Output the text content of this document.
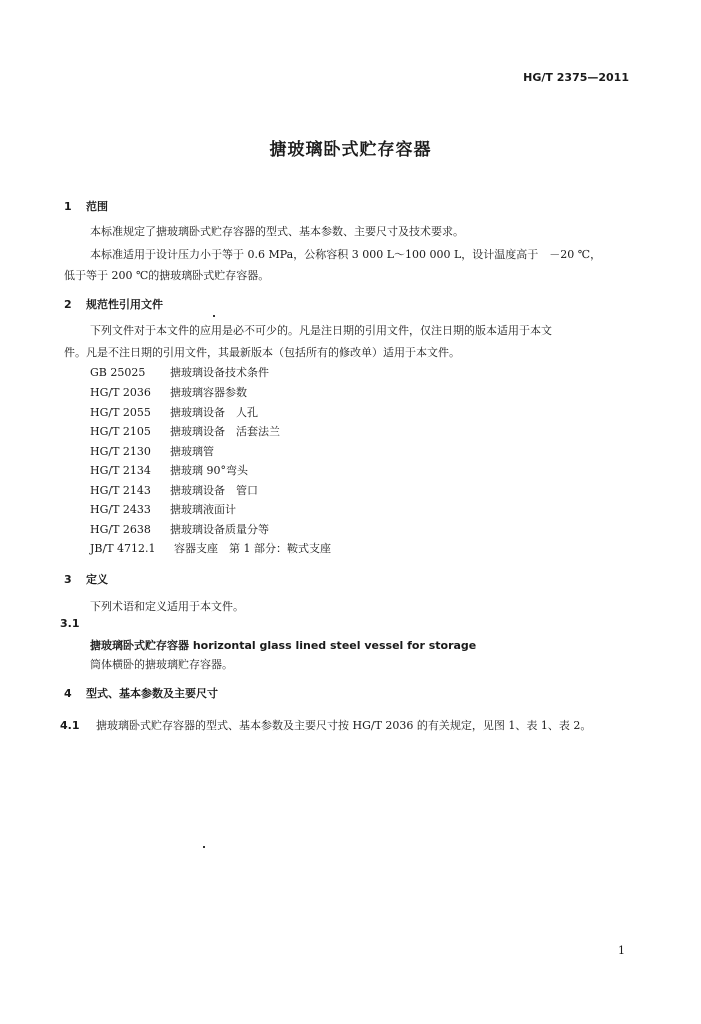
HG/T 2375—2011
搪玻璃卧式贮存容器
1 范围
本标准规定了搪玻璃卧式贮存容器的型式、基本参数、主要尺寸及技术要求。
本标准适用于设计压力小于等于 0.6 MPa，公称容积 3 000 L～100 000 L，设计温度高于　－20 ℃，
低于等于 200 ℃的搪玻璃卧式贮存容器。
2 规范性引用文件
下列文件对于本文件的应用是必不可少的。凡是注日期的引用文件，仅注日期的版本适用于本文
件。凡是不注日期的引用文件，其最新版本（包括所有的修改单）适用于本文件。
GB 25025 搪玻璃设备技术条件
HG/T 2036 搪玻璃容器参数
HG/T 2055 搪玻璃设备　人孔
HG/T 2105 搪玻璃设备　活套法兰
HG/T 2130 搪玻璃管
HG/T 2134 搪玻璃 90°弯头
HG/T 2143 搪玻璃设备　管口
HG/T 2433 搪玻璃液面计
HG/T 2638 搪玻璃设备质量分等
JB/T 4712.1 容器支座　第 1 部分：鞍式支座
3 定义
下列术语和定义适用于本文件。
3.1
搪玻璃卧式贮存容器 horizontal glass lined steel vessel for storage
筒体横卧的搪玻璃贮存容器。
4 型式、基本参数及主要尺寸
4.1 搪玻璃卧式贮存容器的型式、基本参数及主要尺寸按 HG/T 2036 的有关规定，见图 1、表 1、表 2。
1
